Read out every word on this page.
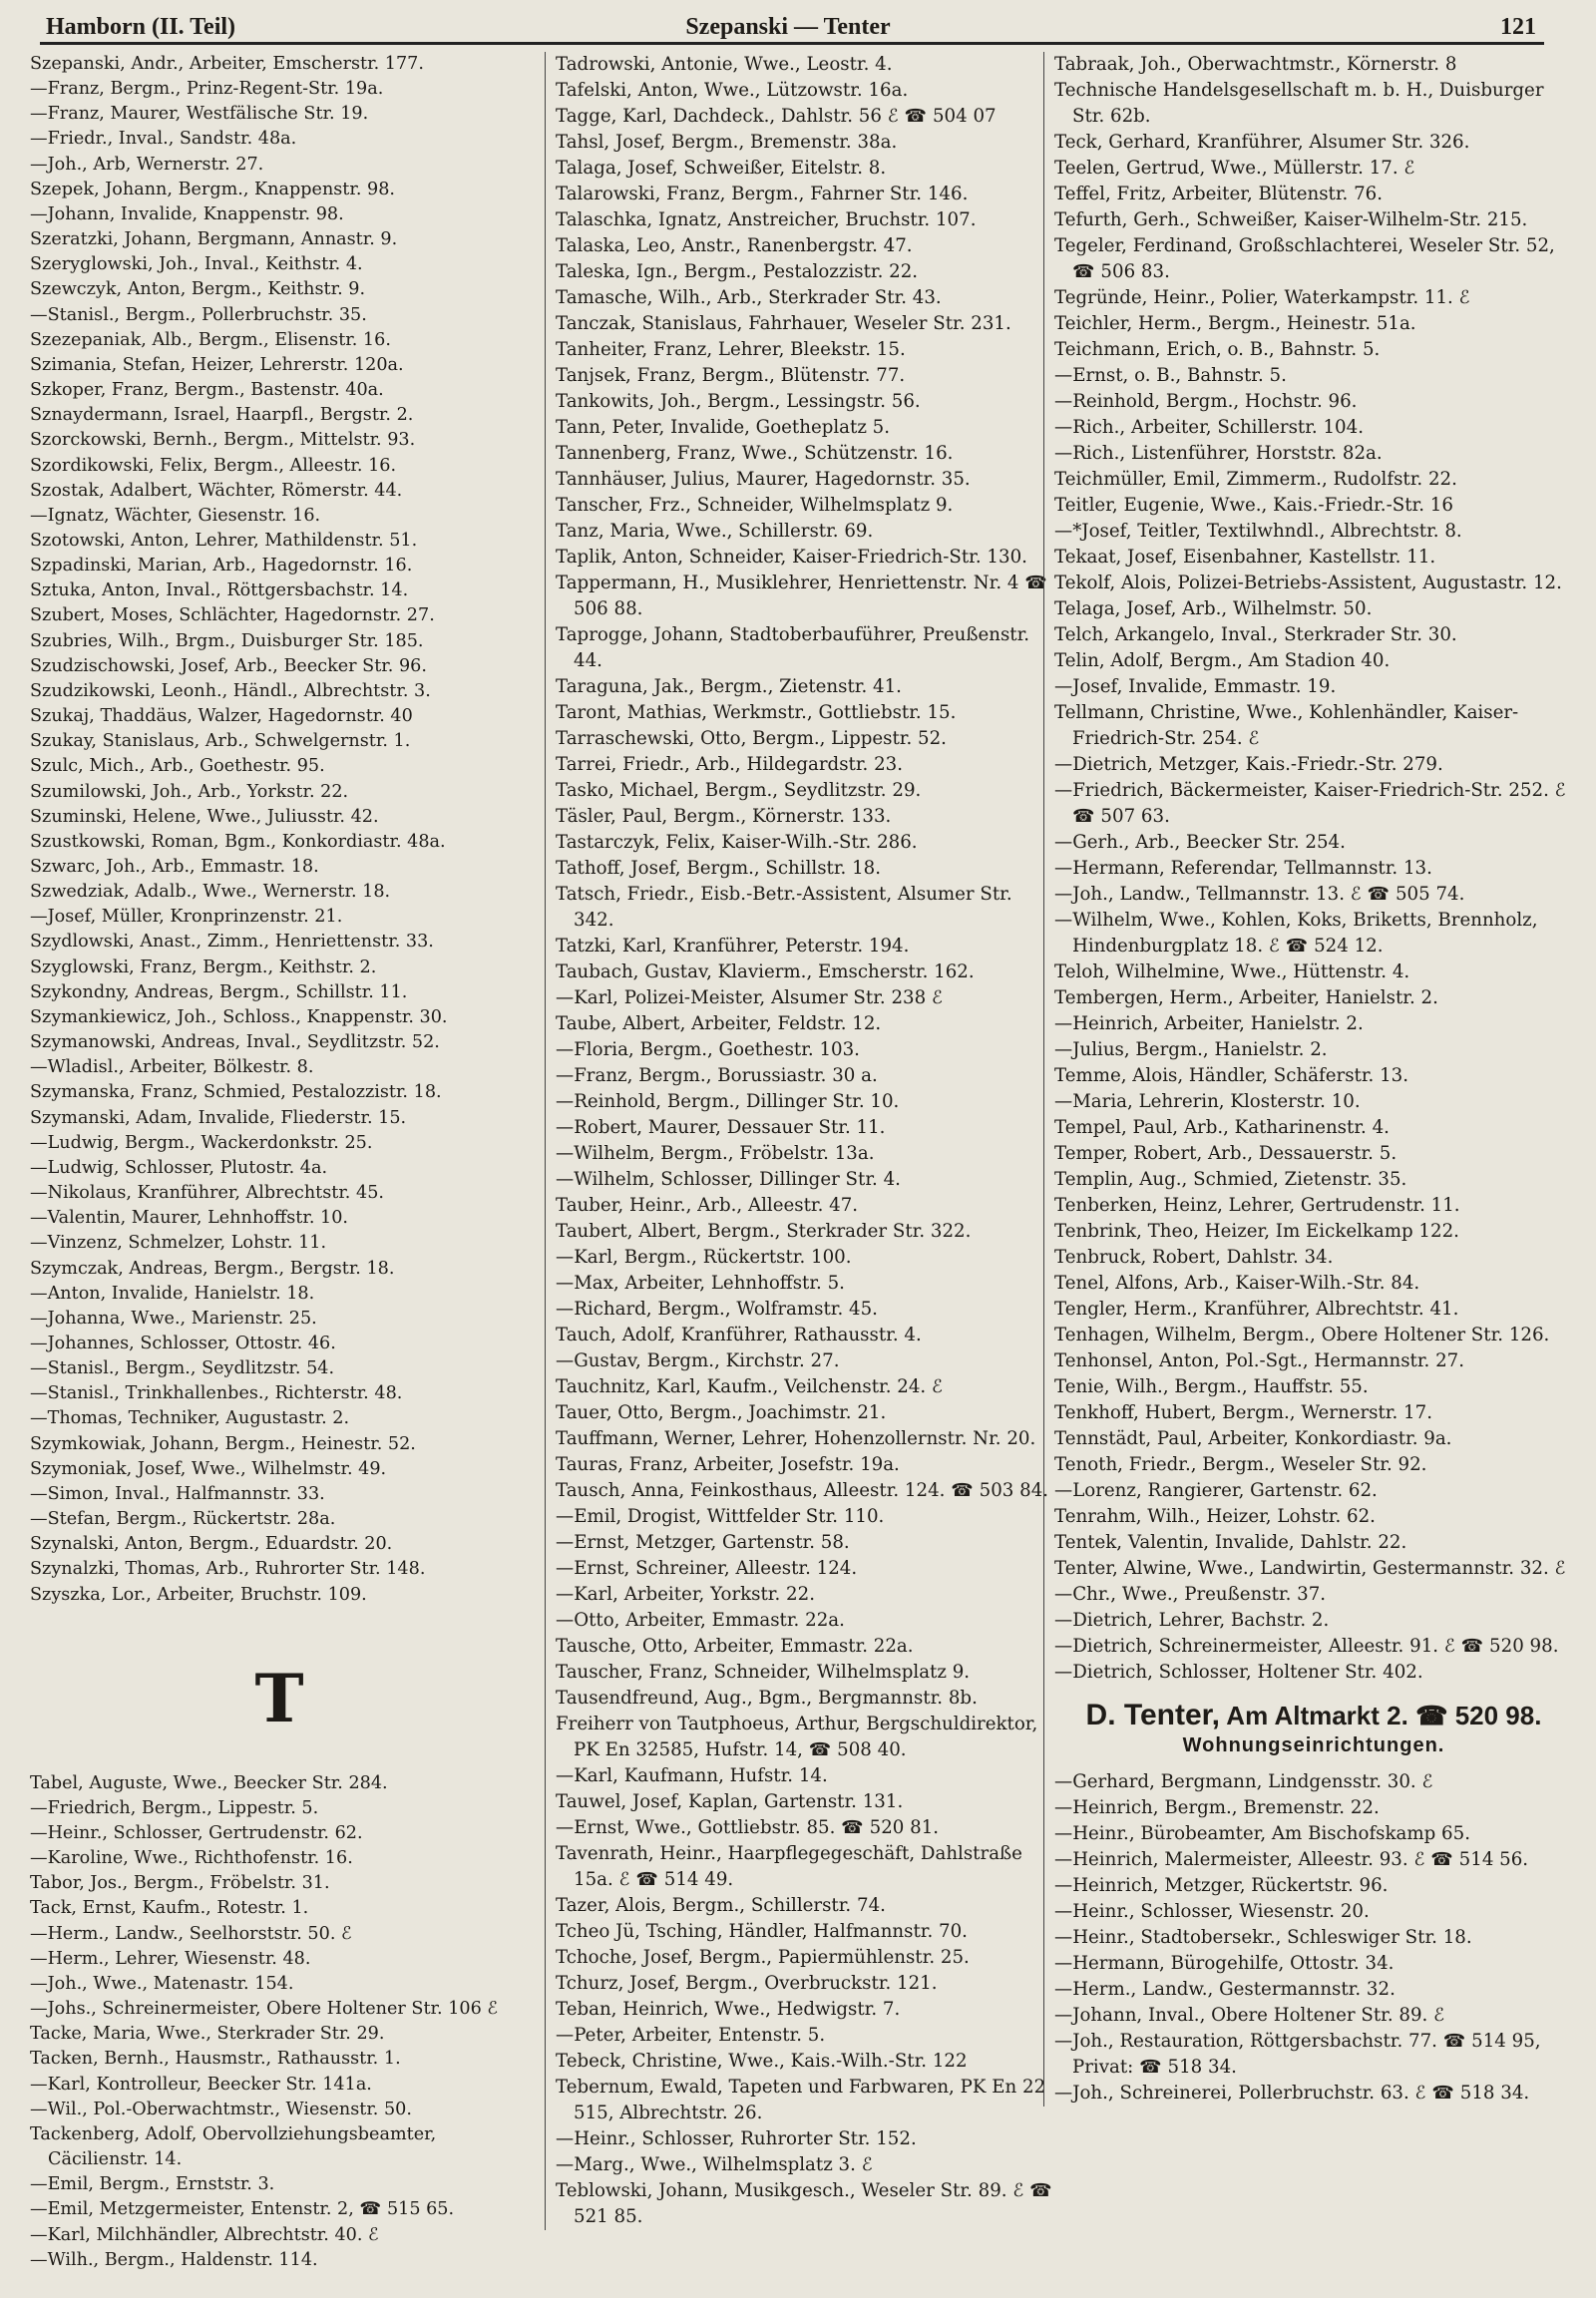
Hamborn (II. Teil)	Szepanski — Tenter	121
Szepanski, Andr., Arbeiter, Emscherstr. 177.
—Franz, Bergm., Prinz-Regent-Str. 19a.
—Franz, Maurer, Westfälische Str. 19.
—Friedr., Inval., Sandstr. 48a.
—Joh., Arb, Wernerstr. 27.
Szepek, Johann, Bergm., Knappenstr. 98.
—Johann, Invalide, Knappenstr. 98.
Szeratzki, Johann, Bergmann, Annastr. 9.
Szeryglowski, Joh., Inval., Keithstr. 4.
Szewczyk, Anton, Bergm., Keithstr. 9.
—Stanisl., Bergm., Pollerbruchstr. 35.
Szezepaniak, Alb., Bergm., Elisenstr. 16.
Szimania, Stefan, Heizer, Lehrerstr. 120a.
Szkoper, Franz, Bergm., Bastenstr. 40a.
Sznaydermann, Israel, Haarpfl., Bergstr. 2.
Szorckowski, Bernh., Bergm., Mittelstr. 93.
Szordikowski, Felix, Bergm., Alleestr. 16.
Szostak, Adalbert, Wächter, Römerstr. 44.
—Ignatz, Wächter, Giesenstr. 16.
Szotowski, Anton, Lehrer, Mathildenstr. 51.
Szpadinski, Marian, Arb., Hagedornstr. 16.
Sztuka, Anton, Inval., Röttgersbachstr. 14.
Szubert, Moses, Schlächter, Hagedornstr. 27.
Szubries, Wilh., Brgm., Duisburger Str. 185.
Szudzischowski, Josef, Arb., Beecker Str. 96.
Szudzikowski, Leonh., Händl., Albrechtstr. 3.
Szukaj, Thaddäus, Walzer, Hagedornstr. 40
Szukay, Stanislaus, Arb., Schwelgernstr. 1.
Szulc, Mich., Arb., Goethestr. 95.
Szumilowski, Joh., Arb., Yorkstr. 22.
Szuminski, Helene, Wwe., Juliusstr. 42.
Szustkowski, Roman, Bgm., Konkordiastr. 48a.
Szwarc, Joh., Arb., Emmastr. 18.
Szwedziak, Adalb., Wwe., Wernerstr. 18.
—Josef, Müller, Kronprinzenstr. 21.
Szydlowski, Anast., Zimm., Henriettenstr. 33.
Szyglowski, Franz, Bergm., Keithstr. 2.
Szykondny, Andreas, Bergm., Schillstr. 11.
Szymankiewicz, Joh., Schloss., Knappenstr. 30.
Szymanowski, Andreas, Inval., Seydlitzstr. 52.
—Wladisl., Arbeiter, Bölkestr. 8.
Szymanska, Franz, Schmied, Pestalozzistr. 18.
Szymanski, Adam, Invalide, Fliederstr. 15.
—Ludwig, Bergm., Wackerdonkstr. 25.
—Ludwig, Schlosser, Plutostr. 4a.
—Nikolaus, Kranführer, Albrechtstr. 45.
—Valentin, Maurer, Lehnhoffstr. 10.
—Vinzenz, Schmelzer, Lohstr. 11.
Szymczak, Andreas, Bergm., Bergstr. 18.
—Anton, Invalide, Hanielstr. 18.
—Johanna, Wwe., Marienstr. 25.
—Johannes, Schlosser, Ottostr. 46.
—Stanisl., Bergm., Seydlitzstr. 54.
—Stanisl., Trinkhallenbes., Richterstr. 48.
—Thomas, Techniker, Augustastr. 2.
Szymkowiak, Johann, Bergm., Heinestr. 52.
Szymoniak, Josef, Wwe., Wilhelmstr. 49.
—Simon, Inval., Halfmannstr. 33.
—Stefan, Bergm., Rückertstr. 28a.
Szynalski, Anton, Bergm., Eduardstr. 20.
Szynalzki, Thomas, Arb., Ruhrorter Str. 148.
Szyszka, Lor., Arbeiter, Bruchstr. 109.
T
Tabel, Auguste, Wwe., Beecker Str. 284.
—Friedrich, Bergm., Lippestr. 5.
—Heinr., Schlosser, Gertrudenstr. 62.
—Karoline, Wwe., Richthofenstr. 16.
Tabor, Jos., Bergm., Fröbelstr. 31.
Tack, Ernst, Kaufm., Rotestr. 1.
—Herm., Landw., Seelhorststr. 50. ℰ
—Herm., Lehrer, Wiesenstr. 48.
—Joh., Wwe., Matenastr. 154.
—Johs., Schreinermeister, Obere Holtener Str. 106 ℰ
Tacke, Maria, Wwe., Sterkrader Str. 29.
Tacken, Bernh., Hausmstr., Rathausstr. 1.
—Karl, Kontrolleur, Beecker Str. 141a.
—Wil., Pol.-Oberwachtmstr., Wiesenstr. 50.
Tackenberg, Adolf, Obervollziehungsbeamter, Cäcilienstr. 14.
—Emil, Bergm., Ernststr. 3.
—Emil, Metzgermeister, Entenstr. 2, ☎ 515 65.
—Karl, Milchhändler, Albrechtstr. 40. ℰ
—Wilh., Bergm., Haldenstr. 114.
Tadrowski, Antonie, Wwe., Leostr. 4.
Tafelski, Anton, Wwe., Lützowstr. 16a.
Tagge, Karl, Dachdeck., Dahlstr. 56 ℰ ☎ 504 07
Tahsl, Josef, Bergm., Bremenstr. 38a.
Talaga, Josef, Schweißer, Eitelstr. 8.
Talarowski, Franz, Bergm., Fahrner Str. 146.
Talaschka, Ignatz, Anstreicher, Bruchstr. 107.
Talaska, Leo, Anstr., Ranenbergstr. 47.
Taleska, Ign., Bergm., Pestalozzistr. 22.
Tamasche, Wilh., Arb., Sterkrader Str. 43.
Tanczak, Stanislaus, Fahrhauer, Weseler Str. 231.
Tanheiter, Franz, Lehrer, Bleekstr. 15.
Tanjsek, Franz, Bergm., Blütenstr. 77.
Tankowits, Joh., Bergm., Lessingstr. 56.
Tann, Peter, Invalide, Goetheplatz 5.
Tannenberg, Franz, Wwe., Schützenstr. 16.
Tannhäuser, Julius, Maurer, Hagedornstr. 35.
Tanscher, Frz., Schneider, Wilhelmsplatz 9.
Tanz, Maria, Wwe., Schillerstr. 69.
Taplik, Anton, Schneider, Kaiser-Friedrich-Str. 130.
Tappermann, H., Musiklehrer, Henriettenstr. Nr. 4 ☎ 506 88.
Taprogge, Johann, Stadtoberbauführer, Preußenstr. 44.
Taraguna, Jak., Bergm., Zietenstr. 41.
Taront, Mathias, Werkmstr., Gottliebstr. 15.
Tarraschewski, Otto, Bergm., Lippestr. 52.
Tarrei, Friedr., Arb., Hildegardstr. 23.
Tasko, Michael, Bergm., Seydlitzstr. 29.
Täsler, Paul, Bergm., Körnerstr. 133.
Tastarczyk, Felix, Kaiser-Wilh.-Str. 286.
Tathoff, Josef, Bergm., Schillstr. 18.
Tatsch, Friedr., Eisb.-Betr.-Assistent, Alsumer Str. 342.
Tatzki, Karl, Kranführer, Peterstr. 194.
Taubach, Gustav, Klavierm., Emscherstr. 162.
—Karl, Polizei-Meister, Alsumer Str. 238 ℰ
Taube, Albert, Arbeiter, Feldstr. 12.
—Floria, Bergm., Goethestr. 103.
—Franz, Bergm., Borussiastr. 30 a.
—Reinhold, Bergm., Dillinger Str. 10.
—Robert, Maurer, Dessauer Str. 11.
—Wilhelm, Bergm., Fröbelstr. 13a.
—Wilhelm, Schlosser, Dillinger Str. 4.
Tauber, Heinr., Arb., Alleestr. 47.
Taubert, Albert, Bergm., Sterkrader Str. 322.
—Karl, Bergm., Rückertstr. 100.
—Max, Arbeiter, Lehnhoffstr. 5.
—Richard, Bergm., Wolframstr. 45.
Tauch, Adolf, Kranführer, Rathausstr. 4.
—Gustav, Bergm., Kirchstr. 27.
Tauchnitz, Karl, Kaufm., Veilchenstr. 24. ℰ
Tauer, Otto, Bergm., Joachimstr. 21.
Tauffmann, Werner, Lehrer, Hohenzollernstr. Nr. 20.
Tauras, Franz, Arbeiter, Josefstr. 19a.
Tausch, Anna, Feinkosthaus, Alleestr. 124. ☎ 503 84.
—Emil, Drogist, Wittfelder Str. 110.
—Ernst, Metzger, Gartenstr. 58.
—Ernst, Schreiner, Alleestr. 124.
—Karl, Arbeiter, Yorkstr. 22.
—Otto, Arbeiter, Emmastr. 22a.
Tausche, Otto, Arbeiter, Emmastr. 22a.
Tauscher, Franz, Schneider, Wilhelmsplatz 9.
Tausendfreund, Aug., Bgm., Bergmannstr. 8b.
Freiherr von Tautphoeus, Arthur, Bergschuldirektor, PK En 32585, Hufstr. 14, ☎ 508 40.
—Karl, Kaufmann, Hufstr. 14.
Tauwel, Josef, Kaplan, Gartenstr. 131.
—Ernst, Wwe., Gottliebstr. 85. ☎ 520 81.
Tavenrath, Heinr., Haarpflegegeschäft, Dahlstraße 15a. ℰ ☎ 514 49.
Tazer, Alois, Bergm., Schillerstr. 74.
Tcheo Jü, Tsching, Händler, Halfmannstr. 70.
Tchoche, Josef, Bergm., Papiermühlenstr. 25.
Tchurz, Josef, Bergm., Overbruckstr. 121.
Teban, Heinrich, Wwe., Hedwigstr. 7.
—Peter, Arbeiter, Entenstr. 5.
Tebeck, Christine, Wwe., Kais.-Wilh.-Str. 122
Tebernum, Ewald, Tapeten und Farbwaren, PK En 22 515, Albrechtstr. 26.
—Heinr., Schlosser, Ruhrorter Str. 152.
—Marg., Wwe., Wilhelmsplatz 3. ℰ
Teblowski, Johann, Musikgesch., Weseler Str. 89. ℰ ☎ 521 85.
Tabraak, Joh., Oberwachtmstr., Körnerstr. 8
Technische Handelsgesellschaft m. b. H., Duisburger Str. 62b.
Teck, Gerhard, Kranführer, Alsumer Str. 326.
Teelen, Gertrud, Wwe., Müllerstr. 17. ℰ
Teffel, Fritz, Arbeiter, Blütenstr. 76.
Tefurth, Gerh., Schweißer, Kaiser-Wilhelm-Str. 215.
Tegeler, Ferdinand, Großschlachterei, Weseler Str. 52, ☎ 506 83.
Tegründe, Heinr., Polier, Waterkampstr. 11. ℰ
Teichler, Herm., Bergm., Heinestr. 51a.
Teichmann, Erich, o. B., Bahnstr. 5.
—Ernst, o. B., Bahnstr. 5.
—Reinhold, Bergm., Hochstr. 96.
—Rich., Arbeiter, Schillerstr. 104.
—Rich., Listenführer, Horststr. 82a.
Teichmüller, Emil, Zimmerm., Rudolfstr. 22.
Teitler, Eugenie, Wwe., Kais.-Friedr.-Str. 16
—*Josef, Teitler, Textilwhndl., Albrechtstr. 8.
Tekaat, Josef, Eisenbahner, Kastellstr. 11.
Tekolf, Alois, Polizei-Betriebs-Assistent, Augustastr. 12.
Telaga, Josef, Arb., Wilhelmstr. 50.
Telch, Arkangelo, Inval., Sterkrader Str. 30.
Telin, Adolf, Bergm., Am Stadion 40.
—Josef, Invalide, Emmastr. 19.
Tellmann, Christine, Wwe., Kohlenhändler, Kaiser-Friedrich-Str. 254. ℰ
—Dietrich, Metzger, Kais.-Friedr.-Str. 279.
—Friedrich, Bäckermeister, Kaiser-Friedrich-Str. 252. ℰ ☎ 507 63.
—Gerh., Arb., Beecker Str. 254.
—Hermann, Referendar, Tellmannstr. 13.
—Joh., Landw., Tellmannstr. 13. ℰ ☎ 505 74.
—Wilhelm, Wwe., Kohlen, Koks, Briketts, Brennholz, Hindenburgplatz 18. ℰ ☎ 524 12.
Teloh, Wilhelmine, Wwe., Hüttenstr. 4.
Tembergen, Herm., Arbeiter, Hanielstr. 2.
—Heinrich, Arbeiter, Hanielstr. 2.
—Julius, Bergm., Hanielstr. 2.
Temme, Alois, Händler, Schäferstr. 13.
—Maria, Lehrerin, Klosterstr. 10.
Tempel, Paul, Arb., Katharinenstr. 4.
Temper, Robert, Arb., Dessauerstr. 5.
Templin, Aug., Schmied, Zietenstr. 35.
Tenberken, Heinz, Lehrer, Gertrudenstr. 11.
Tenbrink, Theo, Heizer, Im Eickelkamp 122.
Tenbruck, Robert, Dahlstr. 34.
Tenel, Alfons, Arb., Kaiser-Wilh.-Str. 84.
Tengler, Herm., Kranführer, Albrechtstr. 41.
Tenhagen, Wilhelm, Bergm., Obere Holtener Str. 126.
Tenhonsel, Anton, Pol.-Sgt., Hermannstr. 27.
Tenie, Wilh., Bergm., Hauffstr. 55.
Tenkhoff, Hubert, Bergm., Wernerstr. 17.
Tennstädt, Paul, Arbeiter, Konkordiastr. 9a.
Tenoth, Friedr., Bergm., Weseler Str. 92.
—Lorenz, Rangierer, Gartenstr. 62.
Tenrahm, Wilh., Heizer, Lohstr. 62.
Tentek, Valentin, Invalide, Dahlstr. 22.
Tenter, Alwine, Wwe., Landwirtin, Gestermannstr. 32. ℰ
—Chr., Wwe., Preußenstr. 37.
—Dietrich, Lehrer, Bachstr. 2.
—Dietrich, Schreinermeister, Alleestr. 91. ℰ ☎ 520 98.
—Dietrich, Schlosser, Holtener Str. 402.
D. Tenter, Am Altmarkt 2. ☎ 520 98.
Wohnungseinrichtungen.
—Gerhard, Bergmann, Lindgensstr. 30. ℰ
—Heinrich, Bergm., Bremenstr. 22.
—Heinr., Bürobeamter, Am Bischofskamp 65.
—Heinrich, Malermeister, Alleestr. 93. ℰ ☎ 514 56.
—Heinrich, Metzger, Rückertstr. 96.
—Heinr., Schlosser, Wiesenstr. 20.
—Heinr., Stadtobersekr., Schleswiger Str. 18.
—Hermann, Bürogehilfe, Ottostr. 34.
—Herm., Landw., Gestermannstr. 32.
—Johann, Inval., Obere Holtener Str. 89. ℰ
—Joh., Restauration, Röttgersbachstr. 77. ☎ 514 95, Privat: ☎ 518 34.
—Joh., Schreinerei, Pollerbruchstr. 63. ℰ ☎ 518 34.
